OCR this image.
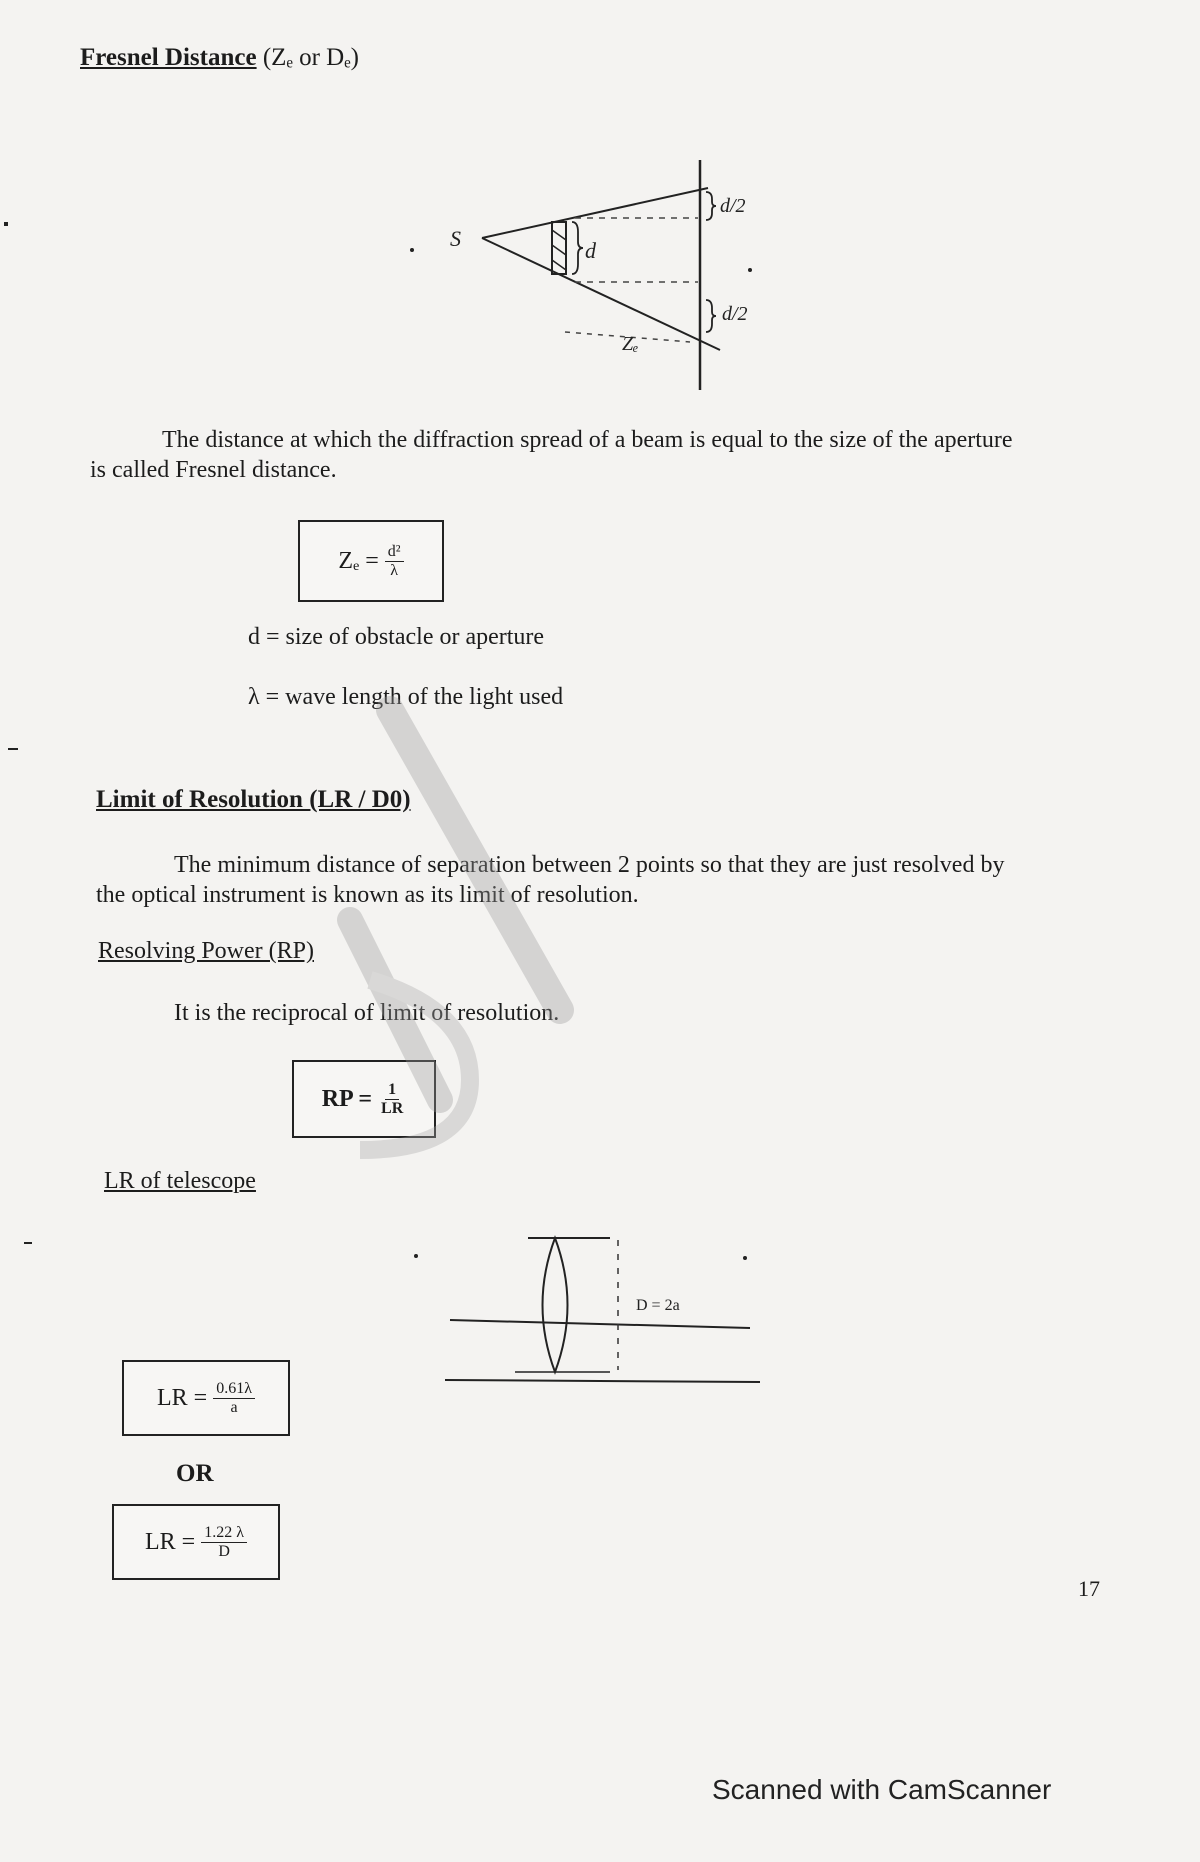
Fresnel Distance (Zₑ or Dₑ)
S	d
d/2
d/2
Zₑ
The distance at which the diffraction spread of a beam is equal to the size of the aperture
is called Fresnel distance.
$Z_e = \frac{\text{d²}}{\lambda}$
d = size of obstacle or aperture
λ = wave length of the light used
Limit of Resolution (LR / D0)
The minimum distance of separation between 2 points so that they are just resolved by
the optical instrument is known as its limit of resolution.
Resolving Power (RP)
It is the reciprocal of limit of resolution.
RP = $\frac{1}{LR}$
LR of telescope
D = 2a
LR = $\frac{0.61\lambda}{a}$
OR
LR = $\frac{1.22 \lambda}{D}$
17
Scanned with CamScanner
